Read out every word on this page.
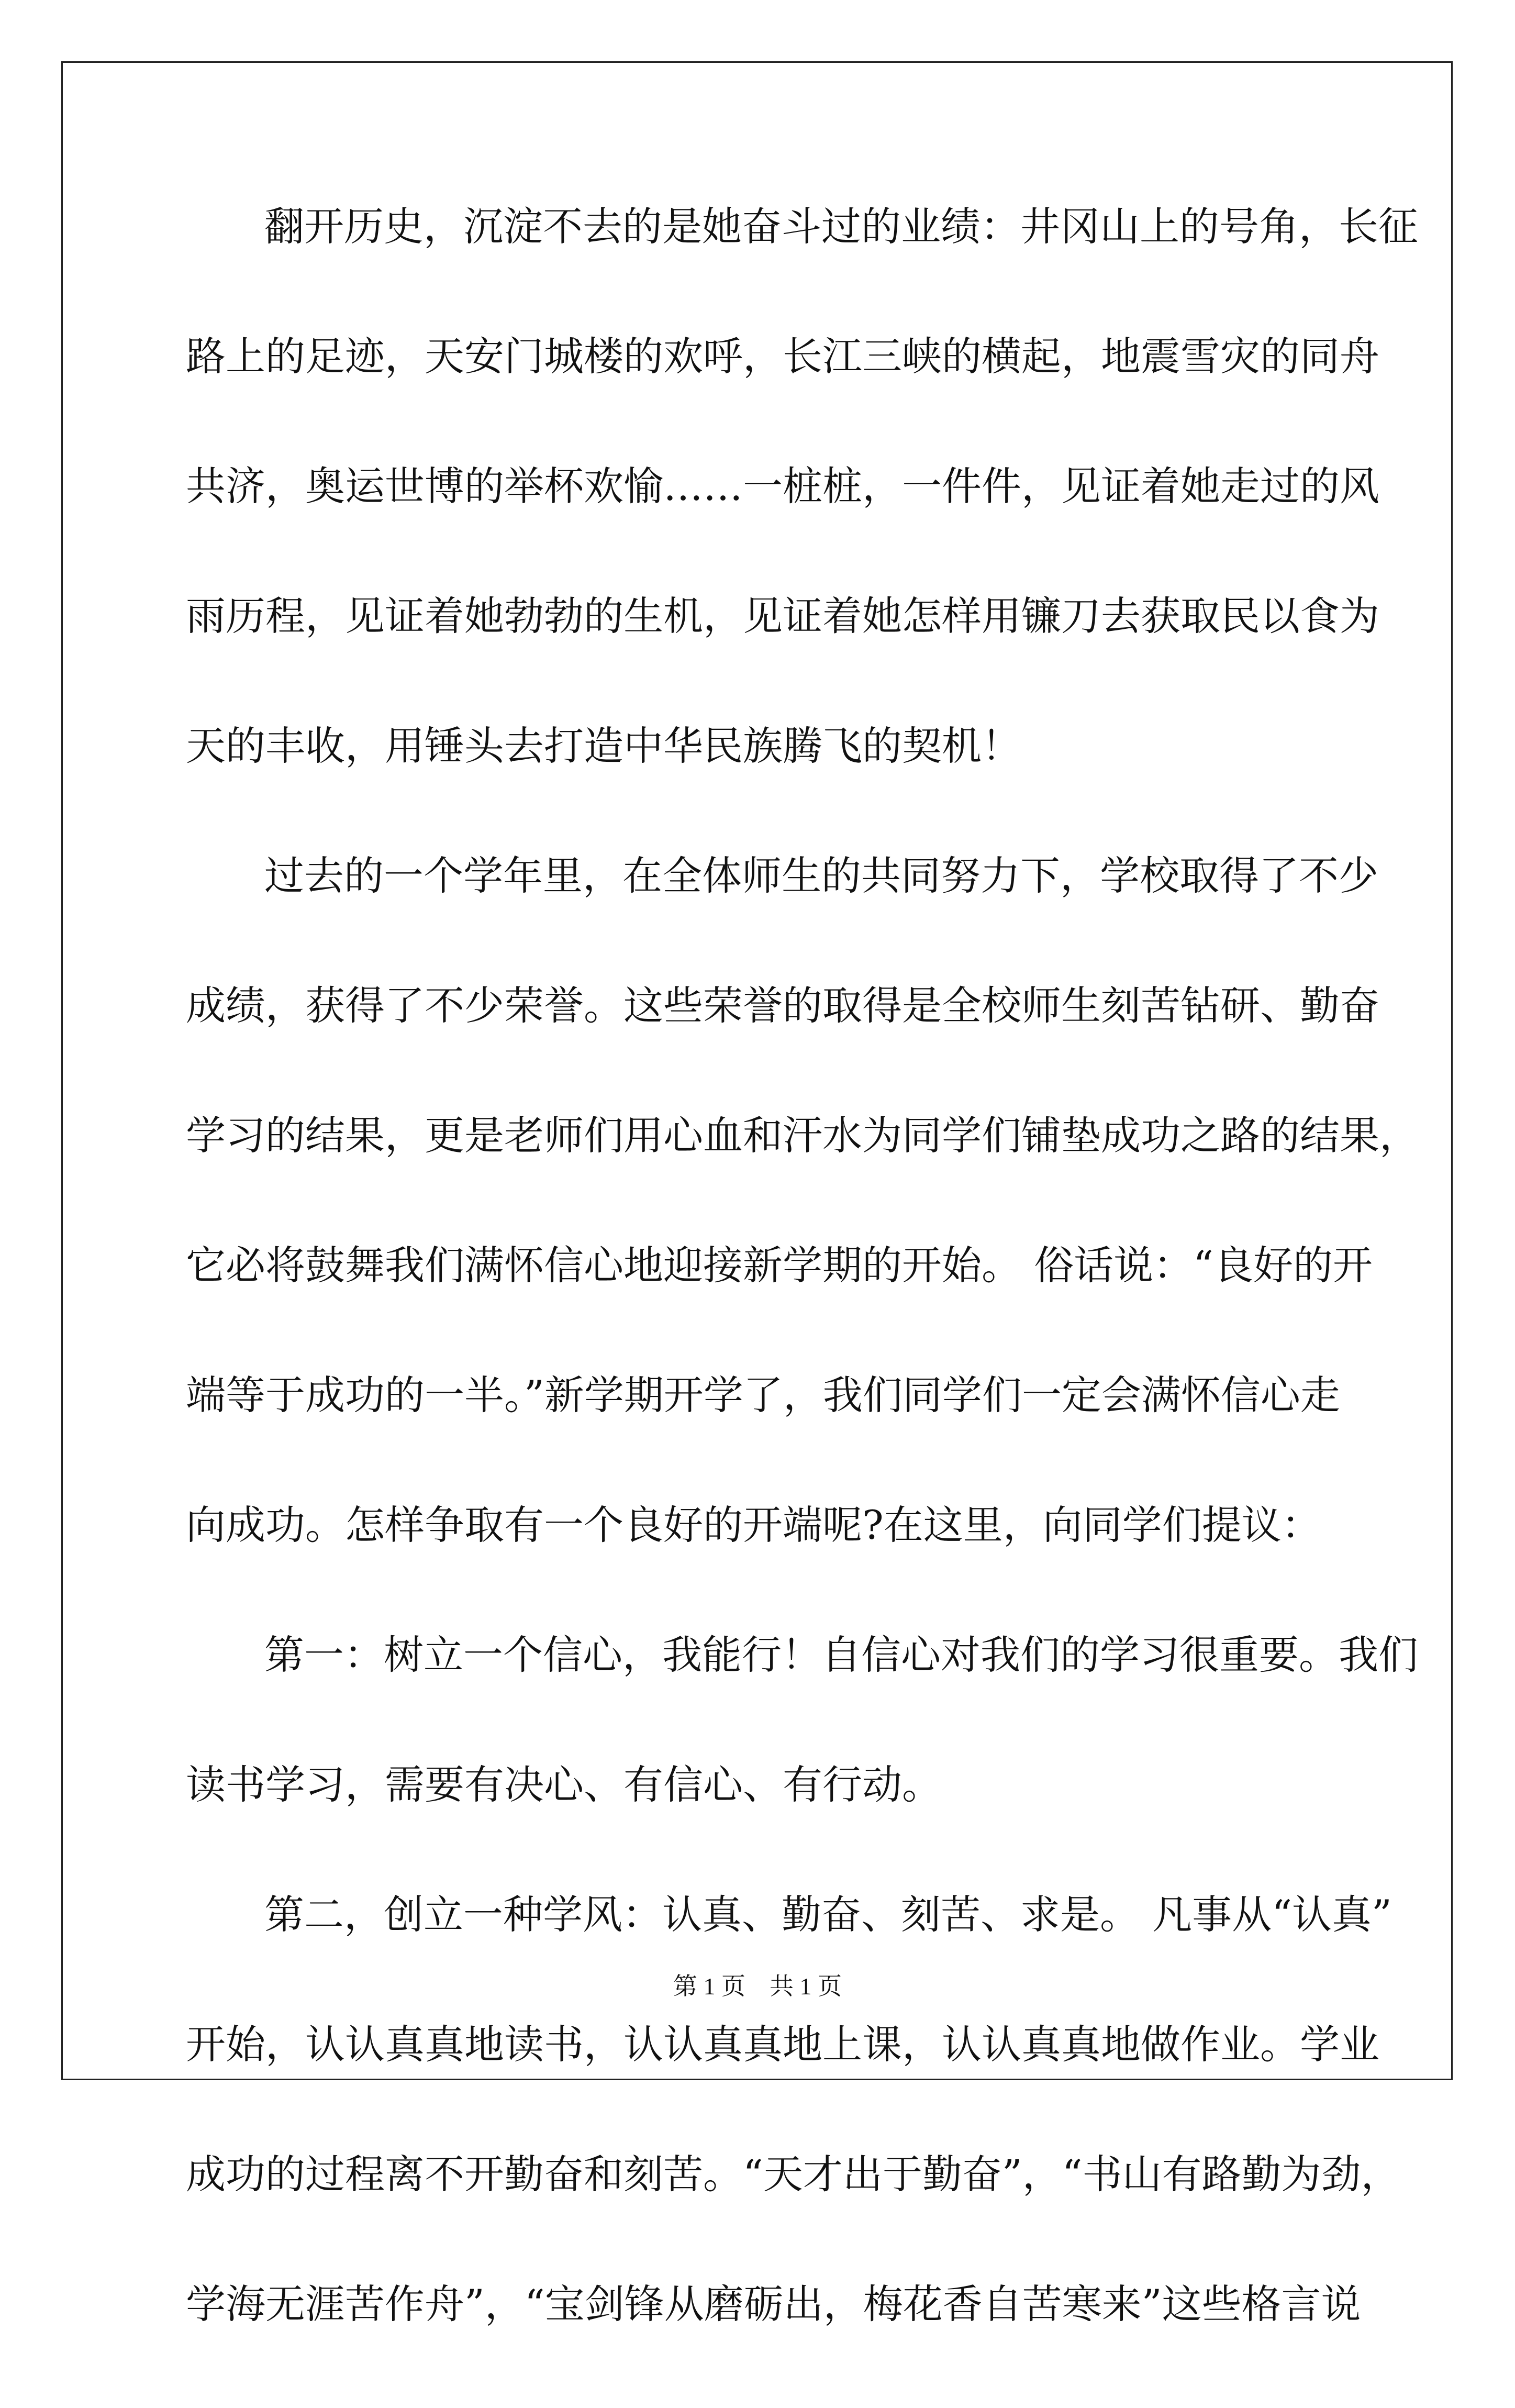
翻开历史，沉淀不去的是她奋斗过的业绩：井冈山上的号角，长征
路上的足迹，天安门城楼的欢呼，长江三峡的横起，地震雪灾的同舟
共济，奥运世博的举杯欢愉……一桩桩，一件件，见证着她走过的风
雨历程，见证着她勃勃的生机，见证着她怎样用镰刀去获取民以食为
天的丰收，用锤头去打造中华民族腾飞的契机！
过去的一个学年里，在全体师生的共同努力下，学校取得了不少
成绩，获得了不少荣誉。这些荣誉的取得是全校师生刻苦钻研、勤奋
学习的结果，更是老师们用心血和汗水为同学们铺垫成功之路的结果，
它必将鼓舞我们满怀信心地迎接新学期的开始。 俗话说：“良好的开
端等于成功的一半。”新学期开学了，我们同学们一定会满怀信心走
向成功。怎样争取有一个良好的开端呢?在这里，向同学们提议：
第一：树立一个信心，我能行！自信心对我们的学习很重要。我们
读书学习，需要有决心、有信心、有行动。
第二，创立一种学风：认真、勤奋、刻苦、求是。 凡事从“认真”
开始，认认真真地读书，认认真真地上课，认认真真地做作业。学业
成功的过程离不开勤奋和刻苦。“天才出于勤奋”，“书山有路勤为劲，
学海无涯苦作舟”，“宝剑锋从磨砺出，梅花香自苦寒来”这些格言说
第 1 页　共 1 页
